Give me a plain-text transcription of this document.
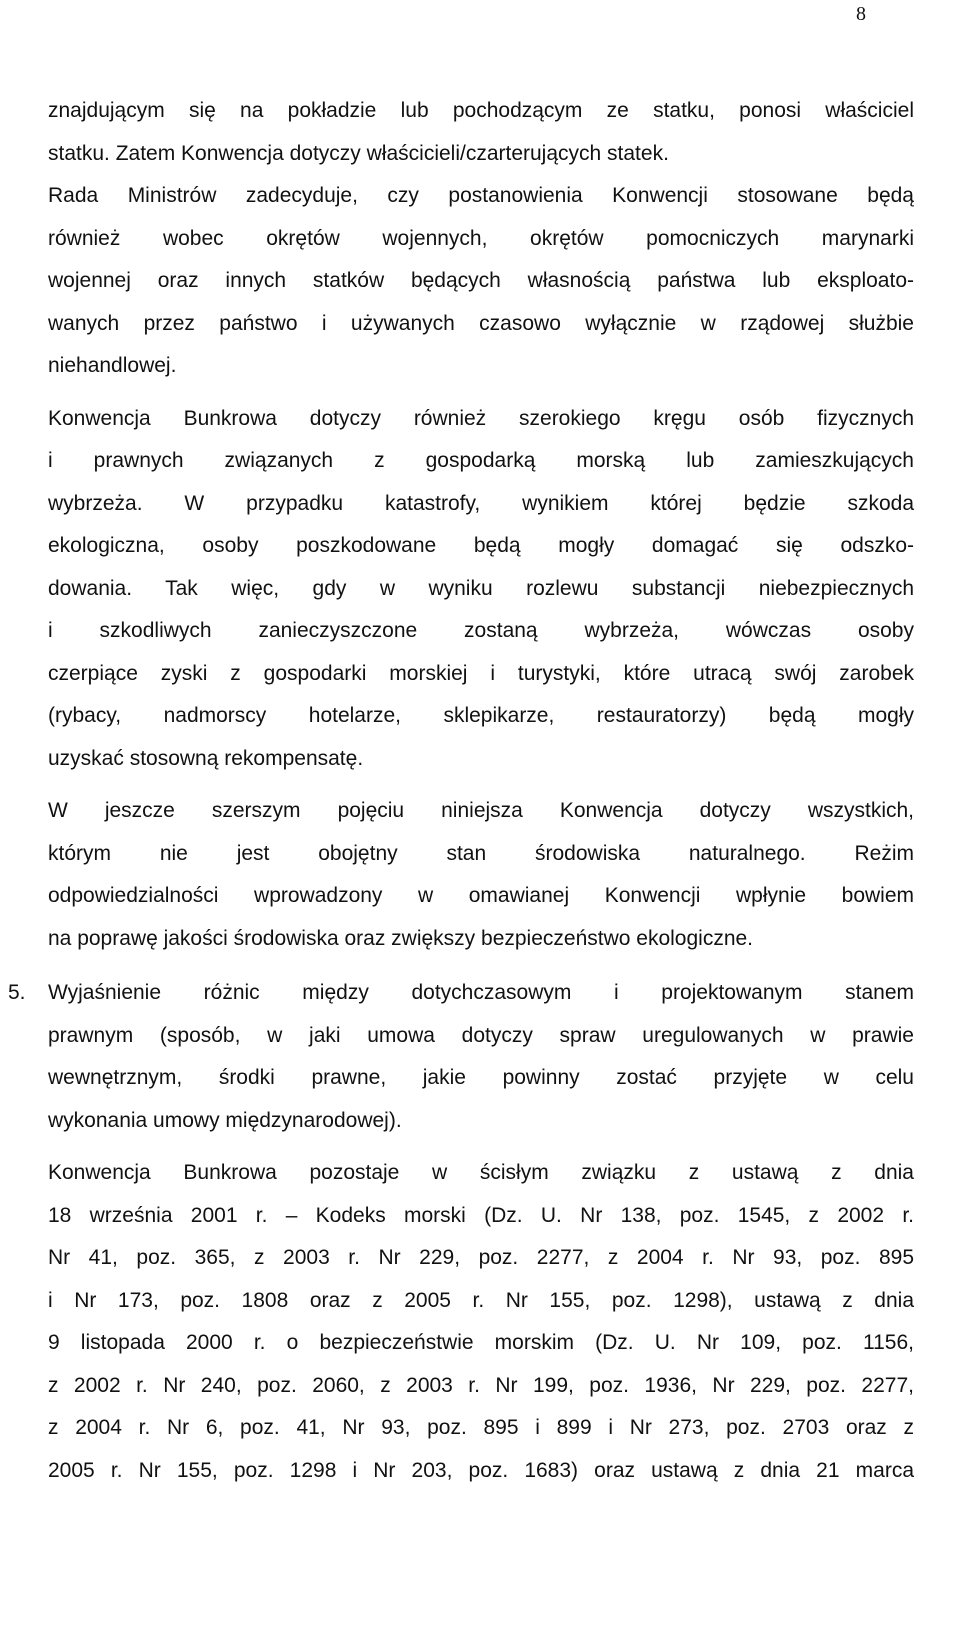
8

znajdującym się na pokładzie lub pochodzącym ze statku, ponosi właściciel
statku. Zatem Konwencja dotyczy właścicieli/czarterujących statek.

Rada Ministrów zadecyduje, czy postanowienia Konwencji stosowane będą
również wobec okrętów wojennych, okrętów pomocniczych marynarki
wojennej oraz innych statków będących własnością państwa lub eksploato-
wanych przez państwo i używanych czasowo wyłącznie w rządowej służbie
niehandlowej.

Konwencja Bunkrowa dotyczy również szerokiego kręgu osób fizycznych
i prawnych związanych z gospodarką morską lub zamieszkujących
wybrzeża. W przypadku katastrofy, wynikiem której będzie szkoda
ekologiczna, osoby poszkodowane będą mogły domagać się odszko-
dowania. Tak więc, gdy w wyniku rozlewu substancji niebezpiecznych
i szkodliwych zanieczyszczone zostaną wybrzeża, wówczas osoby
czerpiące zyski z gospodarki morskiej i turystyki, które utracą swój zarobek
(rybacy, nadmorscy hotelarze, sklepikarze, restauratorzy) będą mogły
uzyskać stosowną rekompensatę.

W jeszcze szerszym pojęciu niniejsza Konwencja dotyczy wszystkich,
którym nie jest obojętny stan środowiska naturalnego. Reżim
odpowiedzialności wprowadzony w omawianej Konwencji wpłynie bowiem
na poprawę jakości środowiska oraz zwiększy bezpieczeństwo ekologiczne.

5. Wyjaśnienie różnic między dotychczasowym i projektowanym stanem
prawnym (sposób, w jaki umowa dotyczy spraw uregulowanych w prawie
wewnętrznym, środki prawne, jakie powinny zostać przyjęte w celu
wykonania umowy międzynarodowej).

Konwencja Bunkrowa pozostaje w ścisłym związku z ustawą z dnia
18 września 2001 r. – Kodeks morski (Dz. U. Nr 138, poz. 1545, z 2002 r.
Nr 41, poz. 365, z 2003 r. Nr 229, poz. 2277, z 2004 r. Nr 93, poz. 895
i Nr 173, poz. 1808 oraz z 2005 r. Nr 155, poz. 1298), ustawą z dnia
9 listopada 2000 r. o bezpieczeństwie morskim (Dz. U. Nr 109, poz. 1156,
z 2002 r. Nr 240, poz. 2060, z 2003 r. Nr 199, poz. 1936, Nr 229, poz. 2277,
z 2004 r. Nr 6, poz. 41, Nr 93, poz. 895 i 899 i Nr 273, poz. 2703 oraz z
2005 r. Nr 155, poz. 1298 i Nr 203, poz. 1683) oraz ustawą z dnia 21 marca
